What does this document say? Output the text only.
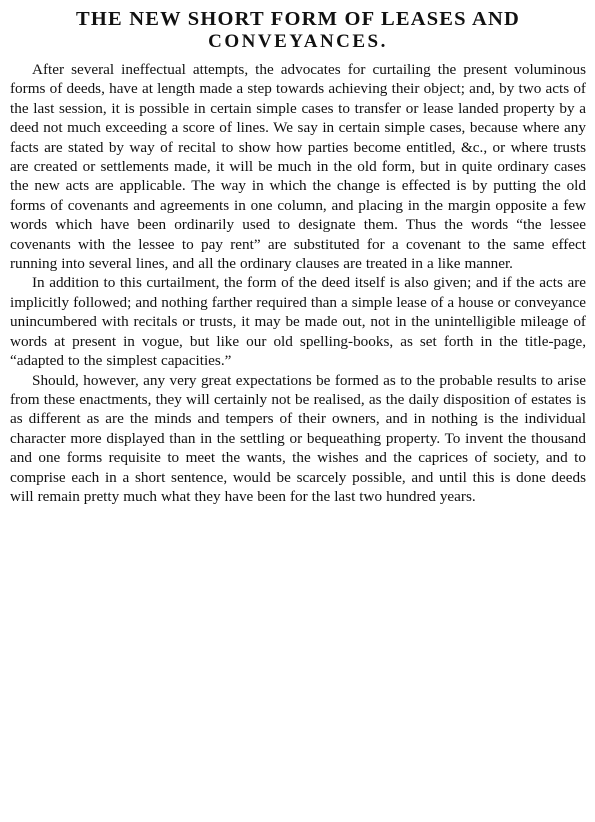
THE NEW SHORT FORM OF LEASES AND
CONVEYANCES.

After several ineffectual attempts, the advocates for curtailing the present voluminous forms of deeds, have at length made a step towards achieving their object; and, by two acts of the last session, it is possible in certain simple cases to transfer or lease landed property by a deed not much exceeding a score of lines. We say in certain simple cases, because where any facts are stated by way of recital to show how parties become entitled, &c., or where trusts are created or settlements made, it will be much in the old form, but in quite ordinary cases the new acts are applicable. The way in which the change is effected is by putting the old forms of covenants and agreements in one column, and placing in the margin opposite a few words which have been ordinarily used to designate them. Thus the words “the lessee covenants with the lessee to pay rent” are substituted for a covenant to the same effect running into several lines, and all the ordinary clauses are treated in a like manner.

In addition to this curtailment, the form of the deed itself is also given; and if the acts are implicitly followed; and nothing farther required than a simple lease of a house or conveyance unincumbered with recitals or trusts, it may be made out, not in the unintelligible mileage of words at present in vogue, but like our old spelling-books, as set forth in the title-page, “adapted to the simplest capacities.”

Should, however, any very great expectations be formed as to the probable results to arise from these enactments, they will certainly not be realised, as the daily disposition of estates is as different as are the minds and tempers of their owners, and in nothing is the individual character more displayed than in the settling or bequeathing property. To invent the thousand and one forms requisite to meet the wants, the wishes and the caprices of society, and to comprise each in a short sentence, would be scarcely possible, and until this is done deeds will remain pretty much what they have been for the last two hundred years.
